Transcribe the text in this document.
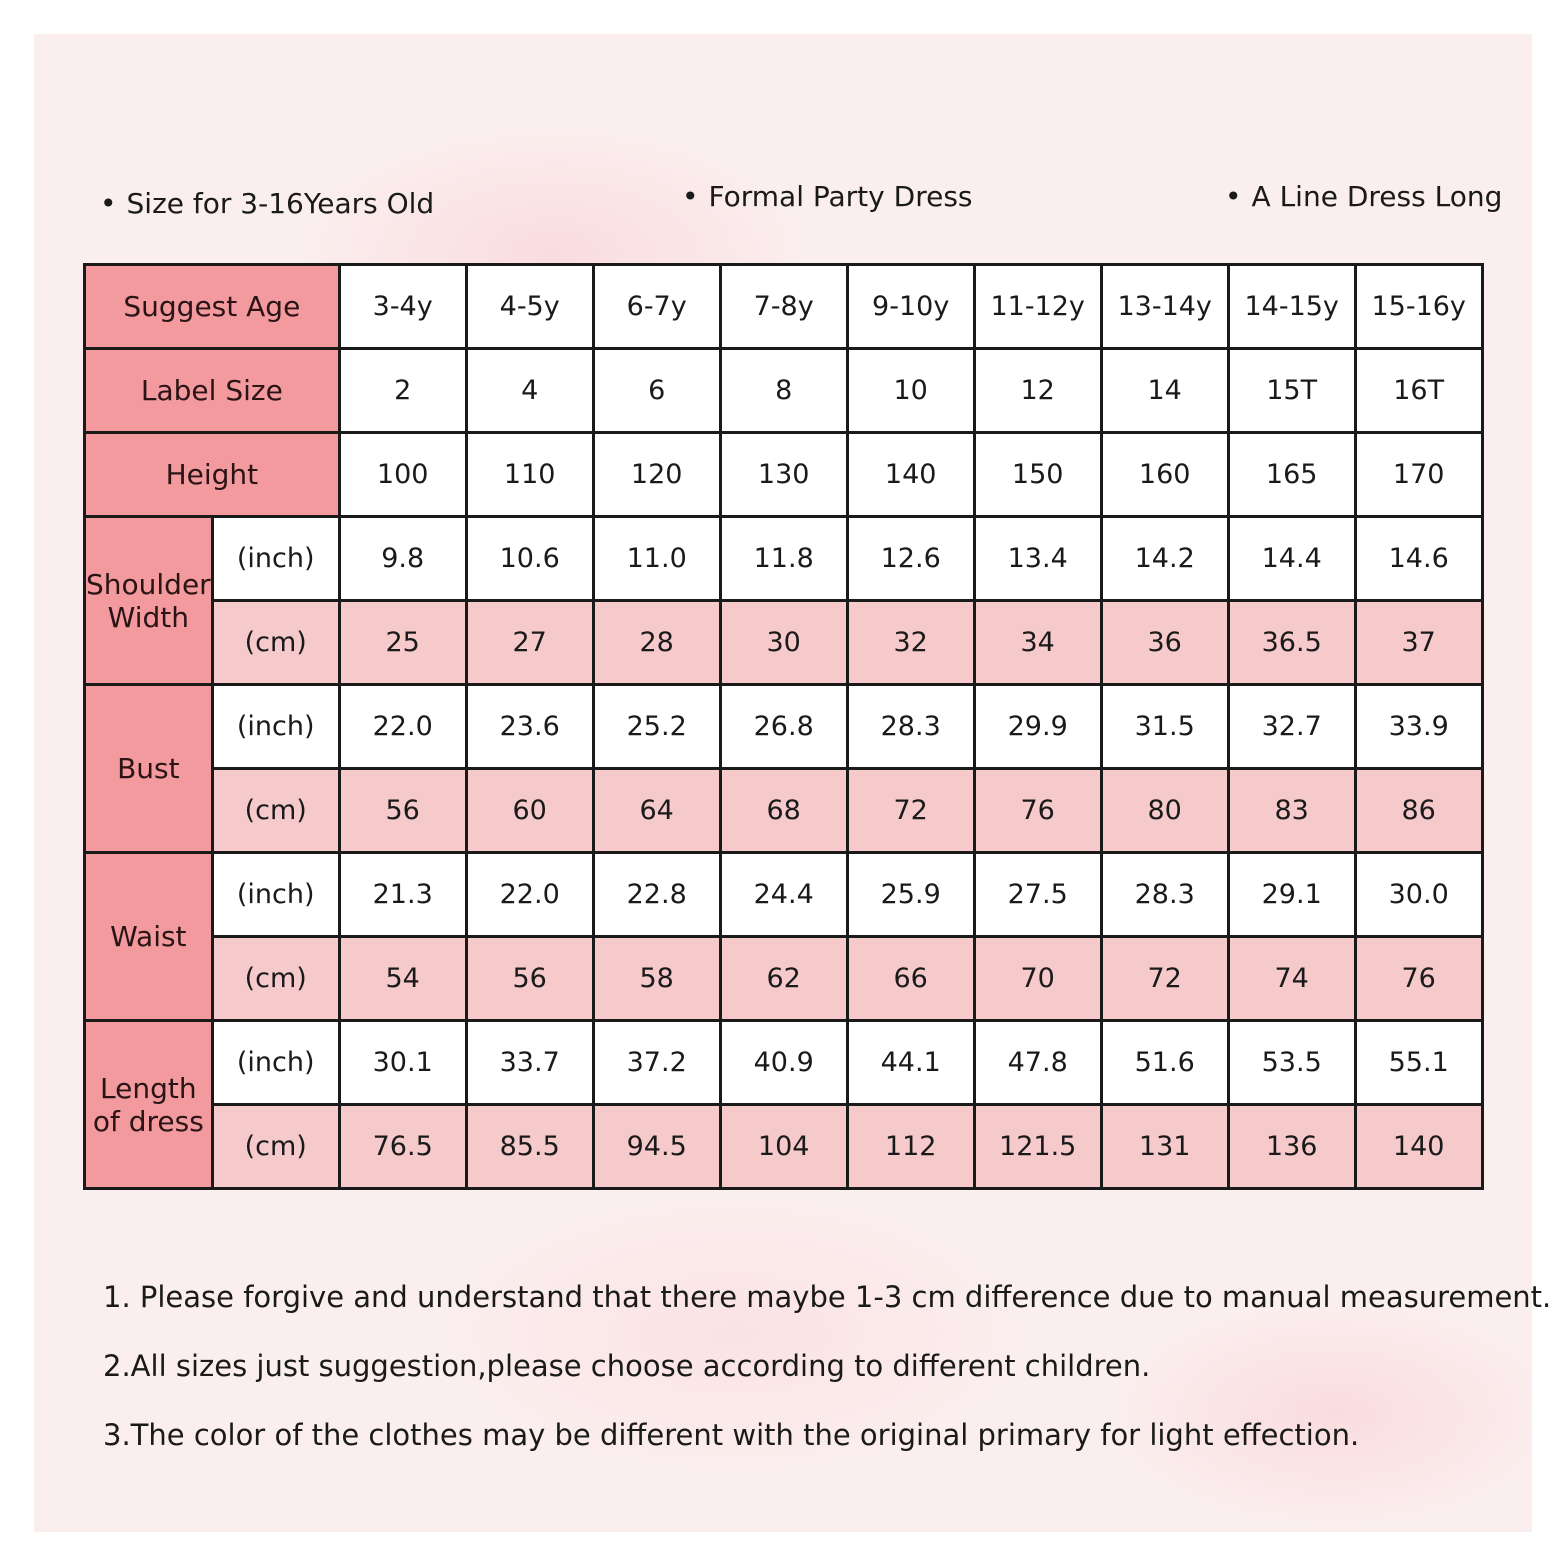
• Size for 3-16Years Old	• Formal Party Dress	• A Line Dress Long
Suggest Age		3-4y	4-5y	6-7y	7-8y	9-10y	11-12y	13-14y	14-15y	15-16y
Label Size		2	4	6	8	10	12	14	15T	16T
Height		100	110	120	130	140	150	160	165	170
Shoulder Width	(inch)	9.8	10.6	11.0	11.8	12.6	13.4	14.2	14.4	14.6
	(cm)	25	27	28	30	32	34	36	36.5	37
Bust	(inch)	22.0	23.6	25.2	26.8	28.3	29.9	31.5	32.7	33.9
	(cm)	56	60	64	68	72	76	80	83	86
Waist	(inch)	21.3	22.0	22.8	24.4	25.9	27.5	28.3	29.1	30.0
	(cm)	54	56	58	62	66	70	72	74	76
Length of dress	(inch)	30.1	33.7	37.2	40.9	44.1	47.8	51.6	53.5	55.1
	(cm)	76.5	85.5	94.5	104	112	121.5	131	136	140
1. Please forgive and understand that there maybe 1-3 cm difference due to manual measurement.
2.All sizes just suggestion,please choose according to different children.
3.The color of the clothes may be different with the original primary for light effection.
